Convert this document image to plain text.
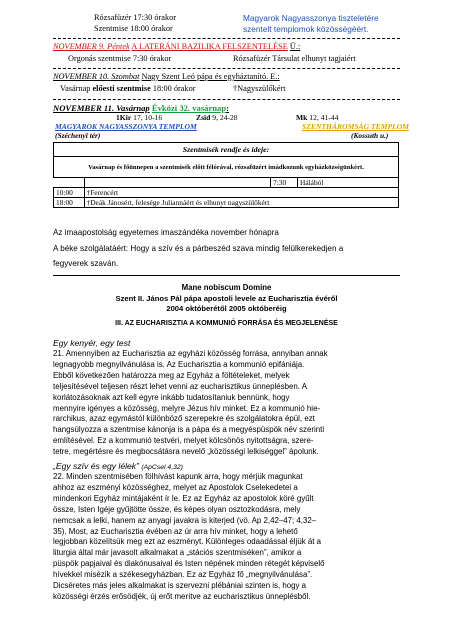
Rózsafüzér 17:30 órakor
Szentmise 18:00 órakor
Magyarok Nagyasszonya tiszteletére
szentelt templomok közösségéért.
NOVEMBER 9. Péntek A LATERÁNI BAZILIKA FELSZENTELÉSE Ü.:
Orgonás szentmise 7:30 órakor	Rózsafüzér Társulat elhunyt tagjaiért
NOVEMBER 10. Szombat Nagy Szent Leó pápa és egyháztanító. E.:
Vasárnap előesti szentmise 18:00 órakor	†Nagyszülőkért
NOVEMBER 11. Vasárnap Évközi 32. vasárnap:
1Kir 17, 10-16	Zsid 9, 24-28	Mk 12, 41-44
MAGYAROK NAGYASSZONYA TEMPLOM	SZENTHÁROMSÁG TEMPLOM
(Széchenyi tér)	(Kossuth u.)
Szentmisék rendje és ideje:			
Vasárnap és főünnepen a szentmisék előtt félórával, rózsafüzért imádkozunk egyházközségünkért.			
		7:30	Hálából
10:00	†Ferencért		
18:00	†Deák Jánosért, felesége Juliannáért és elhunyt nagyszülőkért		
Az imaapostolság egyetemes imaszándéka november hónapra
A béke szolgálatáért: Hogy a szív és a párbeszéd szava mindig felülkerekedjen a
fegyverek szaván.
Mane nobiscum Domine
Szent II. János Pál pápa apostoli levele az Eucharisztia évéről
2004 októberétől 2005 októberéig
III. AZ EUCHARISZTIA A KOMMUNIÓ FORRÁSA ÉS MEGJELENÉSE
Egy kenyér, egy test
21. Amennyiben az Eucharisztia az egyházi közösség forrása, annyiban annak
legnagyobb megnyilvánulása is. Az Eucharisztia a kommunió epifániája.
Ebből következően határozza meg az Egyház a föltételeket, melyek
teljesítésével teljesen részt lehet venni az eucharisztikus ünneplésben. A
korlátozásoknak azt kell egyre inkább tudatosítaniuk bennünk, hogy
mennyire igényes a közösség, melyre Jézus hív minket. Ez a kommunió hie-
rarchikus, azaz egymástól különböző szerepekre és szolgálatokra épül, ezt
hangsúlyozza a szentmise kánonja is a pápa és a megyéspüspök név szerinti
említésével. Ez a kommunió testvéri, melyet kölcsönös nyitottságra, szere-
tetre, megértésre és megbocsátásra nevelő „közösségi lelkiséggel” ápolunk.
„Egy szív és egy lélek” (ApCsel 4,32)
22. Minden szentmisében fölhívást kapunk arra, hogy mérjük magunkat
ahhoz az eszményi közösséghez, melyet az Apostolok Cselekedetei a
mindenkori Egyház mintájaként ír le. Ez az Egyház az apostolok köré gyűlt
össze, Isten Igéje gyűjtötte össze, és képes olyan osztozkodásra, mely
nemcsak a lelki, hanem az anyagi javakra is kiterjed (vö. Ap 2,42–47; 4,32–
35). Most, az Eucharisztia évében az úr arra hív minket, hogy a lehető
legjobban közelítsük meg ezt az eszményt. Különleges odaadással éljük át a
liturgia által már javasolt alkalmakat a „stációs szentmiséken”, amikor a
püspök papjaival és diakónusaival és Isten népének minden rétegét képviselő
hívekkel misézik a székesegyházban. Ez az Egyház fő „megnyilvánulása”.
Dicséretes más jeles alkalmakat is szervezni plébániai szinten is, hogy a
közösségi érzés erősödjék, új erőt merítve az eucharisztikus ünneplésből.
